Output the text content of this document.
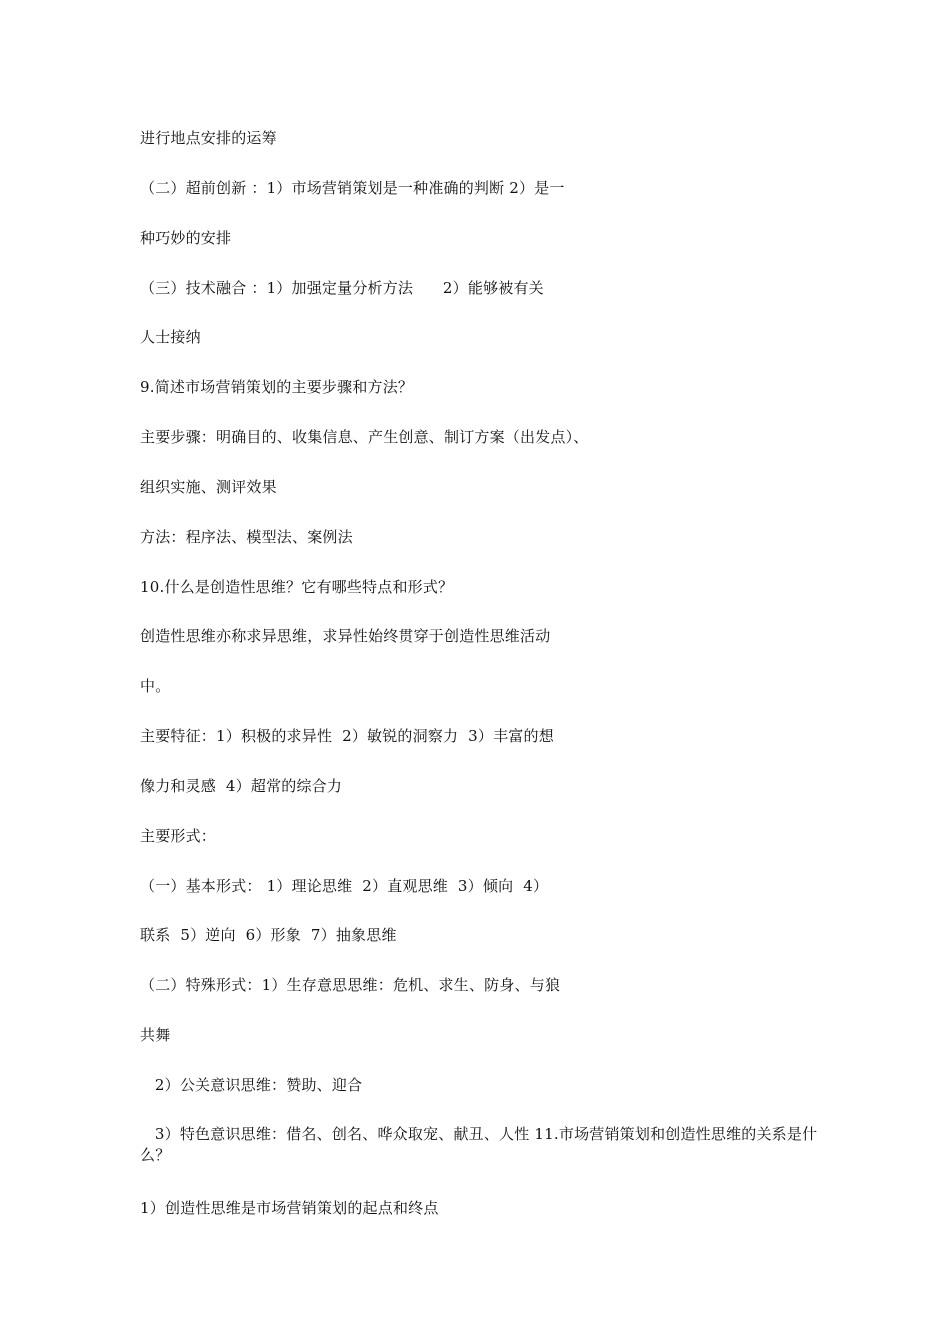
进行地点安排的运筹
（二）超前创新 ：1）市场营销策划是一种准确的判断 2）是一
种巧妙的安排
（三）技术融合 ：1）加强定量分析方法      2）能够被有关
人士接纳
9.简述市场营销策划的主要步骤和方法？
主要步骤：明确目的、收集信息、产生创意、制订方案（出发点）、
组织实施、测评效果
方法：程序法、模型法、案例法
10.什么是创造性思维？它有哪些特点和形式？
创造性思维亦称求异思维，求异性始终贯穿于创造性思维活动
中。
主要特征：1）积极的求异性  2）敏锐的洞察力  3）丰富的想
像力和灵感  4）超常的综合力
主要形式：
（一）基本形式： 1）理论思维  2）直观思维  3）倾向  4）
联系  5）逆向  6）形象  7）抽象思维
（二）特殊形式：1）生存意思思维：危机、求生、防身、与狼
共舞
2）公关意识思维：赞助、迎合
3）特色意识思维：借名、创名、哗众取宠、献丑、人性 11.市场营销策划和创造性思维的关系是什么？
1）创造性思维是市场营销策划的起点和终点
